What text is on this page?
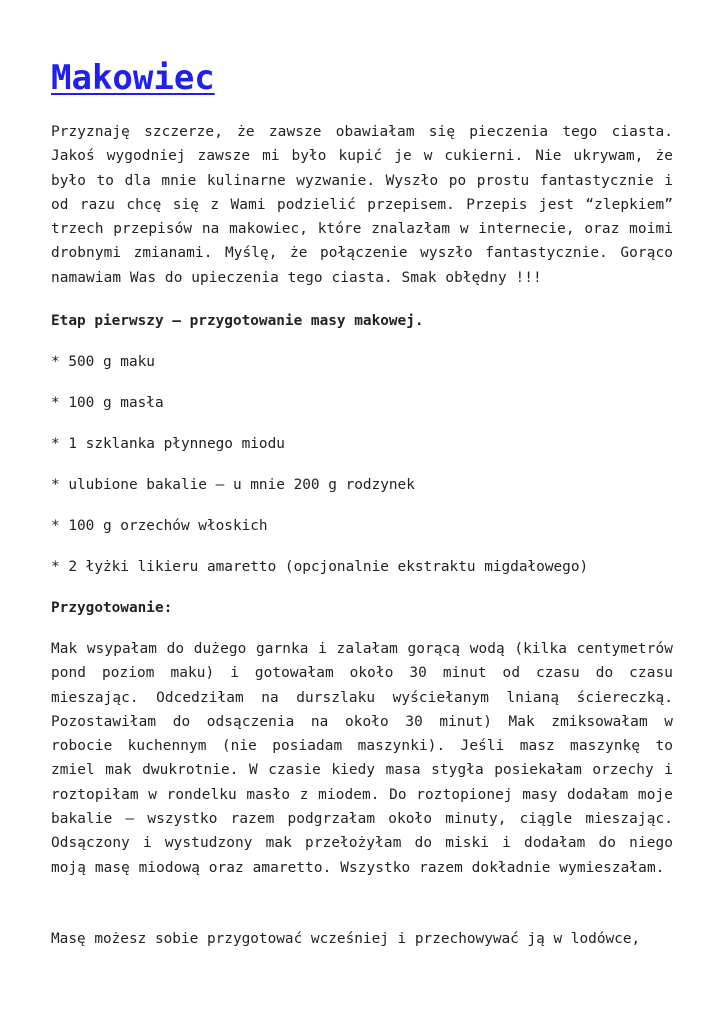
Makowiec

Przyznaję szczerze, że zawsze obawiałam się pieczenia tego ciasta. Jakoś wygodniej zawsze mi było kupić je w cukierni. Nie ukrywam, że było to dla mnie kulinarne wyzwanie. Wyszło po prostu fantastycznie i od razu chcę się z Wami podzielić przepisem. Przepis jest “zlepkiem” trzech przepisów na makowiec, które znalazłam w internecie, oraz moimi drobnymi zmianami. Myślę, że połączenie wyszło fantastycznie. Gorąco namawiam Was do upieczenia tego ciasta. Smak obłędny !!!

Etap pierwszy – przygotowanie masy makowej.

* 500 g maku

* 100 g masła

* 1 szklanka płynnego miodu

* ulubione bakalie – u mnie 200 g rodzynek

* 100 g orzechów włoskich

* 2 łyżki likieru amaretto (opcjonalnie ekstraktu migdałowego)

Przygotowanie:

Mak wsypałam do dużego garnka i zalałam gorącą wodą (kilka centymetrów pond poziom maku) i gotowałam około 30 minut od czasu do czasu mieszając. Odcedziłam na durszlaku wyściełanym lnianą ściereczką. Pozostawiłam do odsączenia na około 30 minut) Mak zmiksowałam w robocie kuchennym (nie posiadam maszynki). Jeśli masz maszynkę to zmiel mak dwukrotnie. W czasie kiedy masa stygła posiekałam orzechy i roztopiłam w rondelku masło z miodem. Do roztopionej masy dodałam moje bakalie – wszystko razem podgrzałam około minuty, ciągle mieszając. Odsączony i wystudzony mak przełożyłam do miski i dodałam do niego moją masę miodową oraz amaretto. Wszystko razem dokładnie wymieszałam.

Masę możesz sobie przygotować wcześniej i przechowywać ją w lodówce,
